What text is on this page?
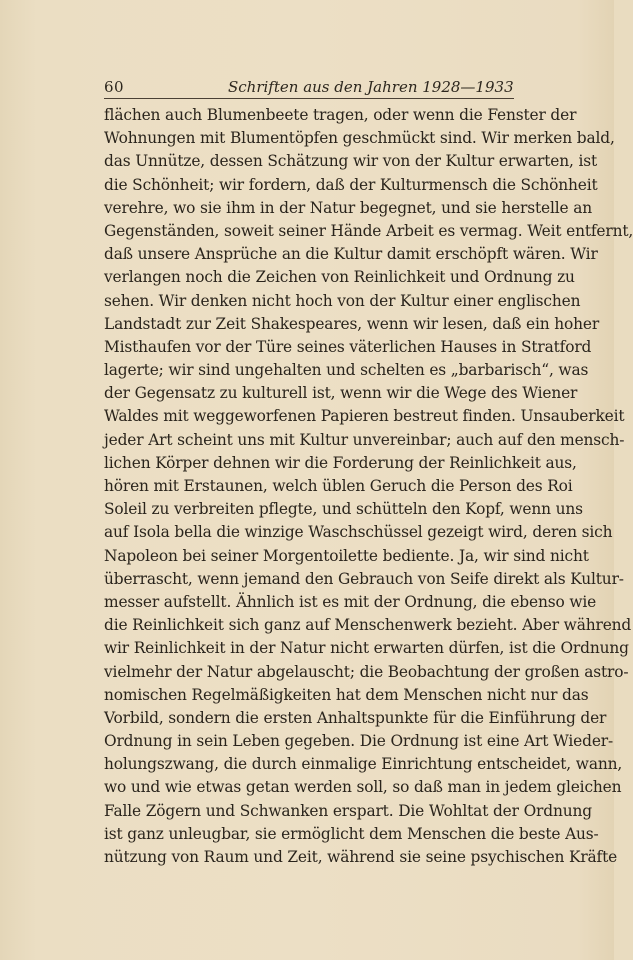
60	Schriften aus den Jahren 1928—1933
flächen auch Blumenbeete tragen, oder wenn die Fenster der
Wohnungen mit Blumentöpfen geschmückt sind. Wir merken bald,
das Unnütze, dessen Schätzung wir von der Kultur erwarten, ist
die Schönheit; wir fordern, daß der Kulturmensch die Schönheit
verehre, wo sie ihm in der Natur begegnet, und sie herstelle an
Gegenständen, soweit seiner Hände Arbeit es vermag. Weit entfernt,
daß unsere Ansprüche an die Kultur damit erschöpft wären. Wir
verlangen noch die Zeichen von Reinlichkeit und Ordnung zu
sehen. Wir denken nicht hoch von der Kultur einer englischen
Landstadt zur Zeit Shakespeares, wenn wir lesen, daß ein hoher
Misthaufen vor der Türe seines väterlichen Hauses in Stratford
lagerte; wir sind ungehalten und schelten es „barbarisch“, was
der Gegensatz zu kulturell ist, wenn wir die Wege des Wiener
Waldes mit weggeworfenen Papieren bestreut finden. Unsauberkeit
jeder Art scheint uns mit Kultur unvereinbar; auch auf den mensch-
lichen Körper dehnen wir die Forderung der Reinlichkeit aus,
hören mit Erstaunen, welch üblen Geruch die Person des Roi
Soleil zu verbreiten pflegte, und schütteln den Kopf, wenn uns
auf Isola bella die winzige Waschschüssel gezeigt wird, deren sich
Napoleon bei seiner Morgentoilette bediente. Ja, wir sind nicht
überrascht, wenn jemand den Gebrauch von Seife direkt als Kultur-
messer aufstellt. Ähnlich ist es mit der Ordnung, die ebenso wie
die Reinlichkeit sich ganz auf Menschenwerk bezieht. Aber während
wir Reinlichkeit in der Natur nicht erwarten dürfen, ist die Ordnung
vielmehr der Natur abgelauscht; die Beobachtung der großen astro-
nomischen Regelmäßigkeiten hat dem Menschen nicht nur das
Vorbild, sondern die ersten Anhaltspunkte für die Einführung der
Ordnung in sein Leben gegeben. Die Ordnung ist eine Art Wieder-
holungszwang, die durch einmalige Einrichtung entscheidet, wann,
wo und wie etwas getan werden soll, so daß man in jedem gleichen
Falle Zögern und Schwanken erspart. Die Wohltat der Ordnung
ist ganz unleugbar, sie ermöglicht dem Menschen die beste Aus-
nützung von Raum und Zeit, während sie seine psychischen Kräfte
